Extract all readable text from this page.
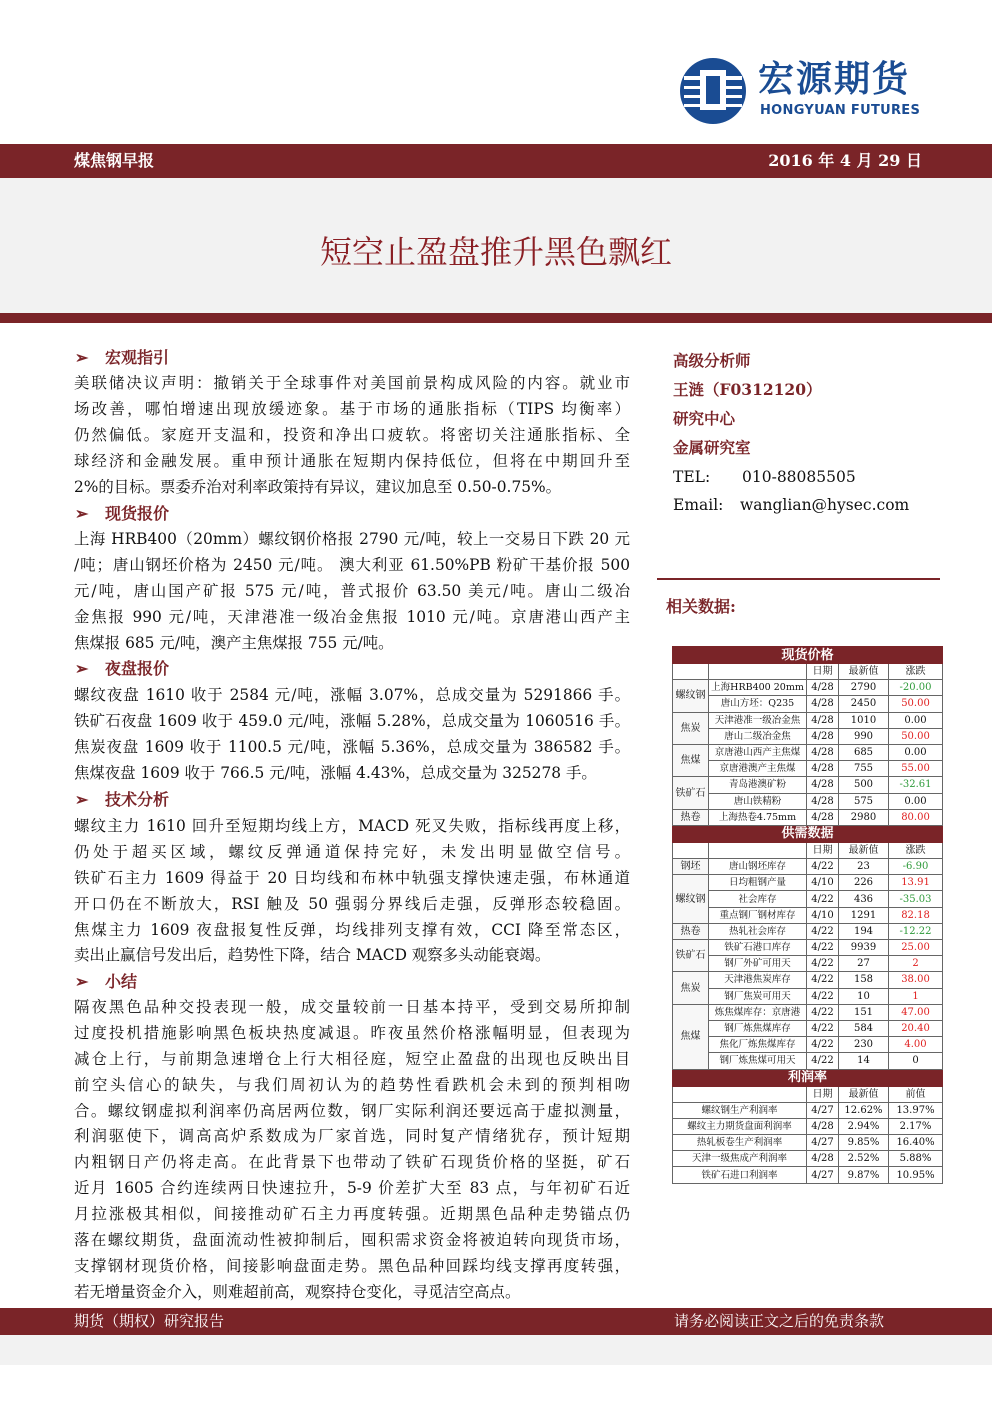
宏源期货
HONGYUAN FUTURES
煤焦钢早报	2016 年 4 月 29 日
短空止盈盘推升黑色飘红
➢ 宏观指引
美联储决议声明：撤销关于全球事件对美国前景构成风险的内容。就业市
场改善，哪怕增速出现放缓迹象。基于市场的通胀指标（TIPS 均衡率）
仍然偏低。家庭开支温和，投资和净出口疲软。将密切关注通胀指标、全
球经济和金融发展。重申预计通胀在短期内保持低位，但将在中期回升至
2%的目标。票委乔治对利率政策持有异议，建议加息至 0.50-0.75%。
➢ 现货报价
上海 HRB400（20mm）螺纹钢价格报 2790 元/吨，较上一交易日下跌 20 元
/吨；唐山钢坯价格为 2450 元/吨。 澳大利亚 61.50%PB 粉矿干基价报 500
元/吨，唐山国产矿报 575 元/吨，普式报价 63.50 美元/吨。唐山二级冶
金焦报 990 元/吨，天津港准一级冶金焦报 1010 元/吨。京唐港山西产主
焦煤报 685 元/吨，澳产主焦煤报 755 元/吨。
➢ 夜盘报价
螺纹夜盘 1610 收于 2584 元/吨，涨幅 3.07%，总成交量为 5291866 手。
铁矿石夜盘 1609 收于 459.0 元/吨，涨幅 5.28%，总成交量为 1060516 手。
焦炭夜盘 1609 收于 1100.5 元/吨，涨幅 5.36%，总成交量为 386582 手。
焦煤夜盘 1609 收于 766.5 元/吨，涨幅 4.43%，总成交量为 325278 手。
➢ 技术分析
螺纹主力 1610 回升至短期均线上方，MACD 死叉失败，指标线再度上移，
仍处于超买区域，螺纹反弹通道保持完好，未发出明显做空信号。
铁矿石主力 1609 得益于 20 日均线和布林中轨强支撑快速走强，布林通道
开口仍在不断放大，RSI 触及 50 强弱分界线后走强，反弹形态较稳固。
焦煤主力 1609 夜盘报复性反弹，均线排列支撑有效，CCI 降至常态区，
卖出止赢信号发出后，趋势性下降，结合 MACD 观察多头动能衰竭。
➢ 小结
隔夜黑色品种交投表现一般，成交量较前一日基本持平，受到交易所抑制
过度投机措施影响黑色板块热度减退。昨夜虽然价格涨幅明显，但表现为
减仓上行，与前期急速增仓上行大相径庭，短空止盈盘的出现也反映出目
前空头信心的缺失，与我们周初认为的趋势性看跌机会未到的预判相吻
合。螺纹钢虚拟利润率仍高居两位数，钢厂实际利润还要远高于虚拟测量，
利润驱使下，调高高炉系数成为厂家首选，同时复产情绪犹存，预计短期
内粗钢日产仍将走高。在此背景下也带动了铁矿石现货价格的坚挺，矿石
近月 1605 合约连续两日快速拉升，5-9 价差扩大至 83 点，与年初矿石近
月拉涨极其相似，间接推动矿石主力再度转强。近期黑色品种走势锚点仍
落在螺纹期货，盘面流动性被抑制后，囤积需求资金将被迫转向现货市场，
支撑钢材现货价格，间接影响盘面走势。黑色品种回踩均线支撑再度转强，
若无增量资金介入，则难超前高，观察持仓变化，寻觅洁空高点。
高级分析师
王涟（F0312120）
研究中心
金属研究室
TEL: 010-88085505
Email: wanglian@hysec.com
相关数据:
现货价格				
		日期	最新值	涨跌
螺纹钢	上海HRB400 20mm	4/28	2790	-20.00
	唐山方坯：Q235	4/28	2450	50.00
焦炭	天津港准一级冶金焦	4/28	1010	0.00
	唐山二级冶金焦	4/28	990	50.00
焦煤	京唐港山西产主焦煤	4/28	685	0.00
	京唐港澳产主焦煤	4/28	755	55.00
铁矿石	青岛港澳矿粉	4/28	500	-32.61
	唐山铁精粉	4/28	575	0.00
热卷	上海热卷4.75mm	4/28	2980	80.00
供需数据				
		日期	最新值	涨跌
钢坯	唐山钢坯库存	4/22	23	-6.90
螺纹钢	日均粗钢产量	4/10	226	13.91
	社会库存	4/22	436	-35.03
	重点钢厂钢材库存	4/10	1291	82.18
热卷	热轧社会库存	4/22	194	-12.22
铁矿石	铁矿石港口库存	4/22	9939	25.00
	钢厂外矿可用天	4/22	27	2
焦炭	天津港焦炭库存	4/22	158	38.00
	钢厂焦炭可用天	4/22	10	1
焦煤	炼焦煤库存：京唐港	4/22	151	47.00
	钢厂炼焦煤库存	4/22	584	20.40
	焦化厂炼焦煤库存	4/22	230	4.00
	钢厂炼焦煤可用天	4/22	14	0
利润率				
		日期	最新值	前值
螺纹钢生产利润率		4/27	12.62%	13.97%
螺纹主力期货盘面利润率		4/28	2.94%	2.17%
热轧板卷生产利润率		4/27	9.85%	16.40%
天津一级焦成产利润率		4/28	2.52%	5.88%
铁矿石进口利润率		4/27	9.87%	10.95%
期货（期权）研究报告	请务必阅读正文之后的免责条款
